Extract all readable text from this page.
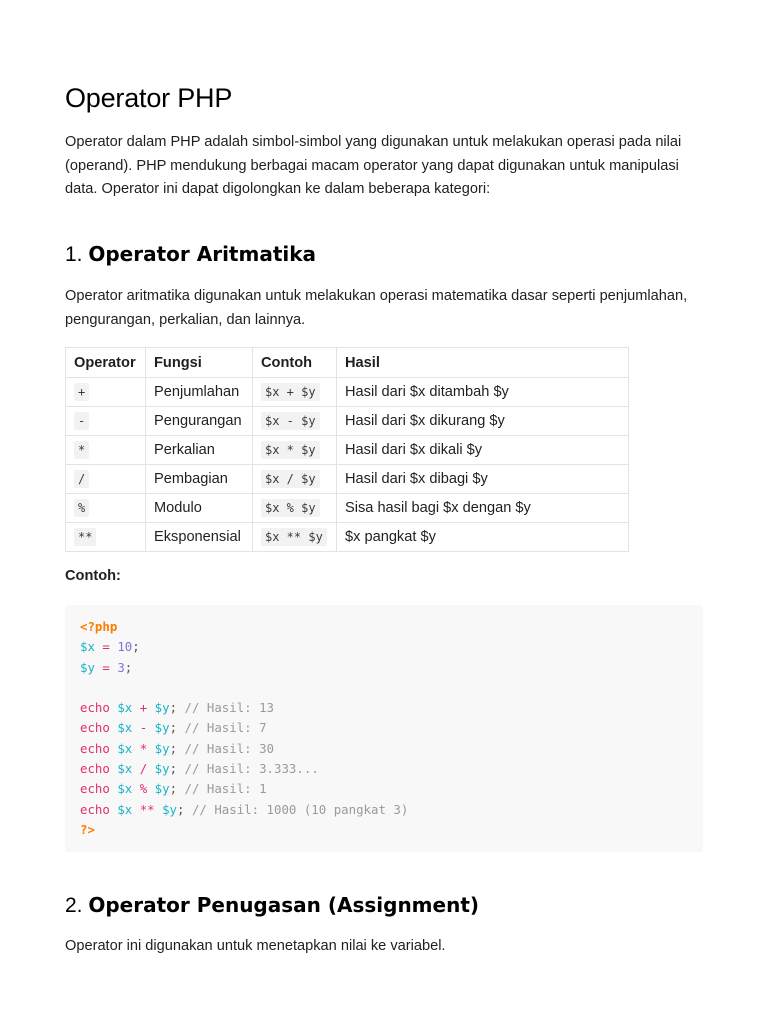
Operator PHP

Operator dalam PHP adalah simbol-simbol yang digunakan untuk melakukan operasi pada nilai (operand). PHP mendukung berbagai macam operator yang dapat digunakan untuk manipulasi data. Operator ini dapat digolongkan ke dalam beberapa kategori:

1. Operator Aritmatika

Operator aritmatika digunakan untuk melakukan operasi matematika dasar seperti penjumlahan, pengurangan, perkalian, dan lainnya.

Operator	Fungsi	Contoh	Hasil
+	Penjumlahan	$x + $y	Hasil dari $x ditambah $y
-	Pengurangan	$x - $y	Hasil dari $x dikurang $y
*	Perkalian	$x * $y	Hasil dari $x dikali $y
/	Pembagian	$x / $y	Hasil dari $x dibagi $y
%	Modulo	$x % $y	Sisa hasil bagi $x dengan $y
**	Eksponensial	$x ** $y	$x pangkat $y
Contoh:
<?php
$x = 10;
$y = 3;

echo $x + $y; // Hasil: 13
echo $x - $y; // Hasil: 7
echo $x * $y; // Hasil: 30
echo $x / $y; // Hasil: 3.333...
echo $x % $y; // Hasil: 1
echo $x ** $y; // Hasil: 1000 (10 pangkat 3)
?>
2. Operator Penugasan (Assignment)

Operator ini digunakan untuk menetapkan nilai ke variabel.
